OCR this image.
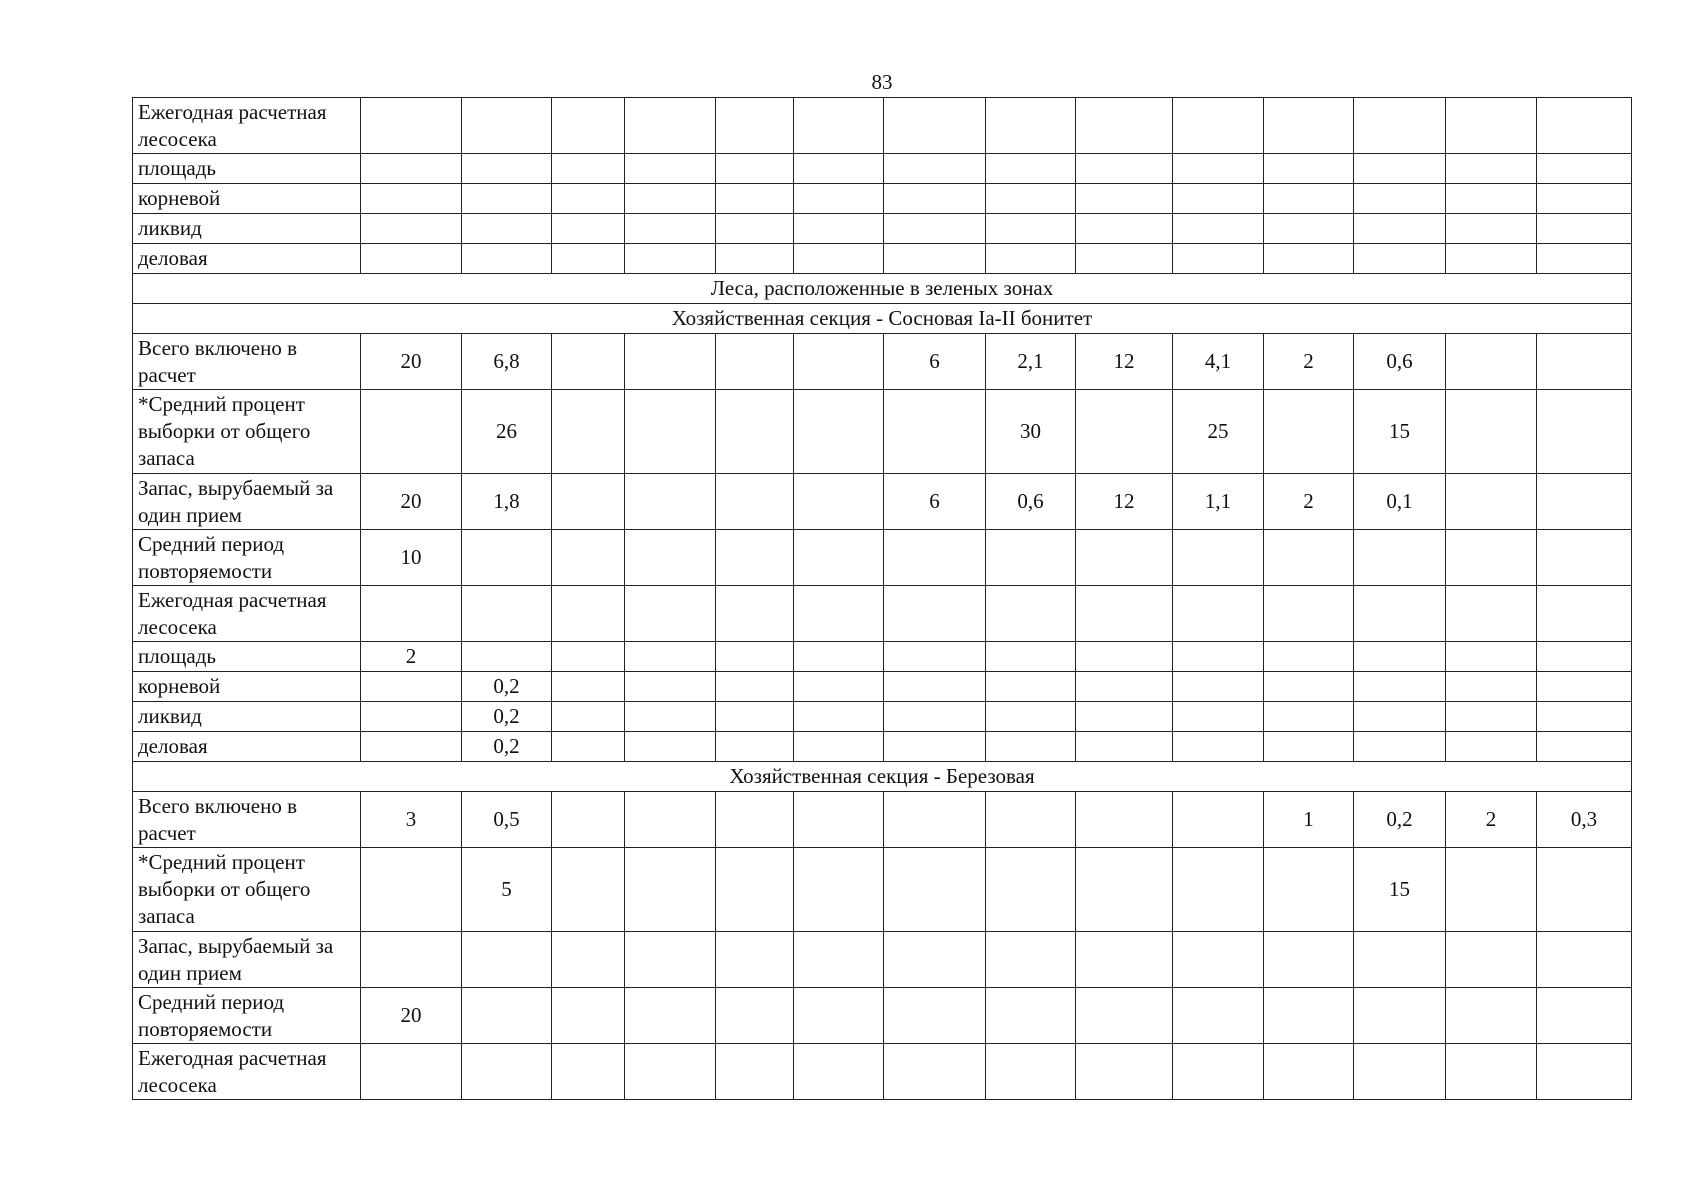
83
Ежегодная расчетная лесосека														
площадь														
корневой														
ликвид														
деловая														
Леса, расположенные в зеленых зонах														
Хозяйственная секция - Сосновая Ia-II бонитет														
Всего включено в расчет	20	6,8					6	2,1	12	4,1	2	0,6		
*Средний процент выборки от общего запаса		26						30		25		15		
Запас, вырубаемый за один прием	20	1,8					6	0,6	12	1,1	2	0,1		
Средний период повторяемости	10													
Ежегодная расчетная лесосека														
площадь	2													
корневой		0,2												
ликвид		0,2												
деловая		0,2												
Хозяйственная секция - Березовая														
Всего включено в расчет	3	0,5									1	0,2	2	0,3
*Средний процент выборки от общего запаса		5										15		
Запас, вырубаемый за один прием														
Средний период повторяемости	20													
Ежегодная расчетная лесосека														
